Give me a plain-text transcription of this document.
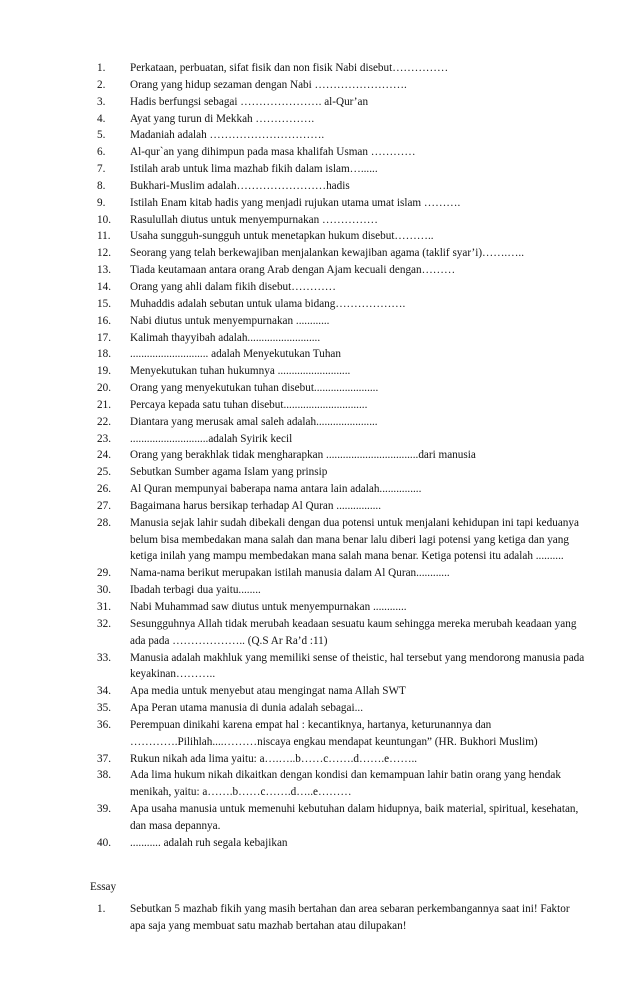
1.	Perkataan, perbuatan, sifat fisik dan non fisik Nabi disebut……………
2.	Orang yang hidup sezaman dengan Nabi …………………….
3.	Hadis berfungsi sebagai …………………. al-Qur’an
4.	Ayat yang turun di Mekkah …………….
5.	Madaniah adalah ………………………….
6.	Al-qur`an yang dihimpun pada masa khalifah Usman …………
7.	Istilah arab untuk lima mazhab fikih dalam islam…......
8.	Bukhari-Muslim adalah……………………hadis
9.	Istilah Enam kitab hadis yang menjadi rujukan utama umat islam ……….
10.	Rasulullah diutus untuk menyempurnakan ……………
11.	Usaha sungguh-sungguh untuk menetapkan hukum disebut………..
12.	Seorang yang telah berkewajiban menjalankan kewajiban agama (taklif syar’i)…….…..
13.	Tiada keutamaan antara orang Arab dengan Ajam kecuali dengan………
14.	Orang yang ahli dalam fikih disebut…………
15.	Muhaddis adalah sebutan untuk ulama bidang……………….
16.	Nabi diutus untuk menyempurnakan ............
17.	Kalimah thayyibah adalah..........................
18.	............................ adalah Menyekutukan Tuhan
19.	Menyekutukan tuhan hukumnya ..........................
20.	Orang yang menyekutukan tuhan disebut.......................
21.	Percaya kepada satu tuhan disebut..............................
22.	Diantara yang merusak amal saleh adalah......................
23.	............................adalah Syirik kecil
24.	Orang yang berakhlak tidak mengharapkan .................................dari manusia
25.	Sebutkan Sumber agama Islam yang prinsip
26.	Al Quran mempunyai baberapa nama antara lain adalah...............
27.	Bagaimana harus bersikap terhadap Al Quran ................
28.	Manusia sejak lahir sudah dibekali dengan dua potensi untuk menjalani kehidupan ini tapi keduanya belum bisa membedakan mana salah dan mana benar lalu diberi lagi potensi yang ketiga dan yang ketiga inilah yang mampu membedakan mana salah mana benar. Ketiga potensi itu adalah ..........
29.	Nama-nama berikut merupakan istilah manusia dalam Al Quran............
30.	Ibadah terbagi dua yaitu........
31.	Nabi Muhammad saw diutus untuk menyempurnakan ............
32.	Sesungguhnya Allah tidak merubah keadaan sesuatu kaum sehingga mereka merubah keadaan yang ada pada ……………….. (Q.S Ar Ra’d :11)
33.	Manusia adalah makhluk yang memiliki sense of theistic, hal tersebut yang mendorong manusia pada keyakinan………..
34.	Apa media untuk menyebut atau mengingat nama Allah SWT
35.	Apa Peran utama manusia di dunia adalah sebagai...
36.	Perempuan dinikahi karena empat hal : kecantiknya, hartanya, keturunannya dan ………….Pilihlah....………niscaya engkau mendapat keuntungan” (HR. Bukhori Muslim)
37.	Rukun nikah ada lima yaitu: a….…..b……c…….d…….e……..
38.	Ada lima hukum nikah dikaitkan dengan kondisi dan kemampuan lahir batin orang yang hendak menikah, yaitu: a…….b……c…….d…..e………
39.	Apa usaha manusia untuk memenuhi kebutuhan dalam hidupnya, baik material, spiritual, kesehatan, dan masa depannya.
40.	........... adalah ruh segala kebajikan
Essay
1.	Sebutkan 5 mazhab fikih yang masih bertahan dan area sebaran perkembangannya saat ini! Faktor apa saja yang membuat satu mazhab bertahan atau dilupakan!
